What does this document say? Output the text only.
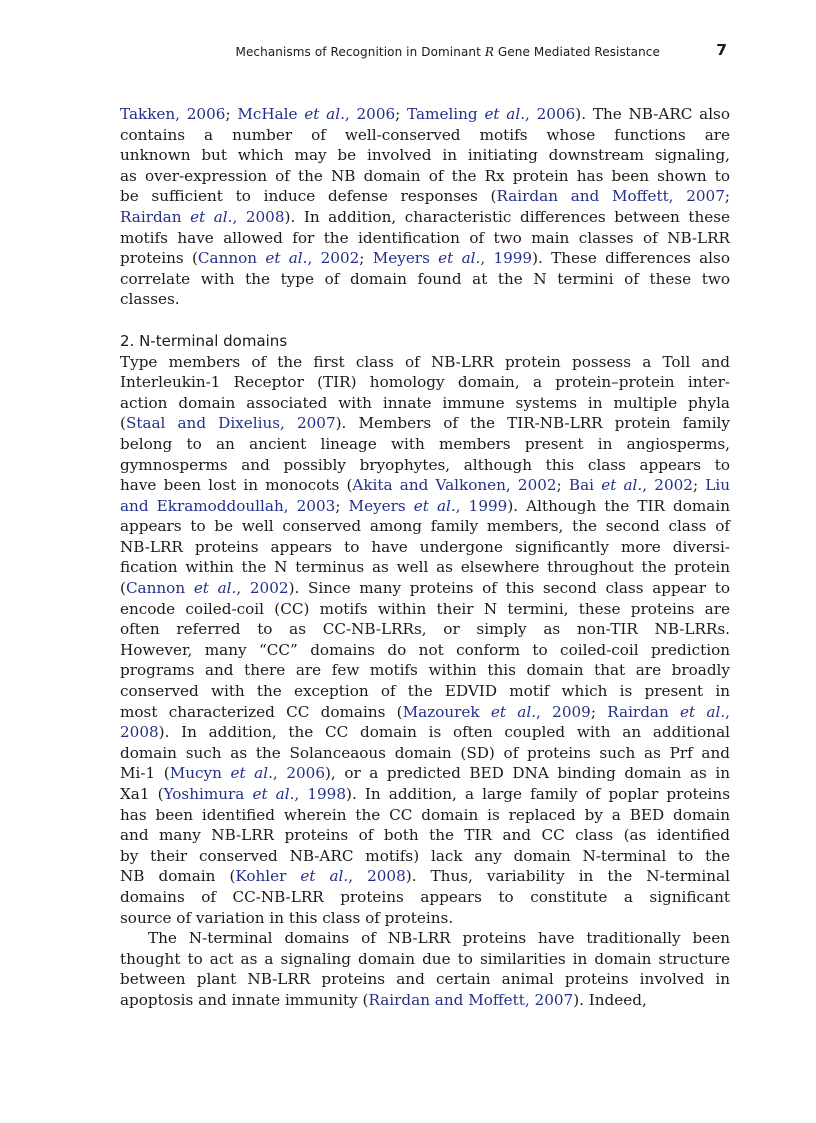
Mechanisms of Recognition in Dominant R Gene Mediated Resistance	7
Takken, 2006; McHale et al., 2006; Tameling et al., 2006). The NB-ARC also
contains a number of well-conserved motifs whose functions are
unknown but which may be involved in initiating downstream signaling,
as over-expression of the NB domain of the Rx protein has been shown to
be sufficient to induce defense responses (Rairdan and Moffett, 2007;
Rairdan et al., 2008). In addition, characteristic differences between these
motifs have allowed for the identification of two main classes of NB-LRR
proteins (Cannon et al., 2002; Meyers et al., 1999). These differences also
correlate with the type of domain found at the N termini of these two
classes.
2. N-terminal domains
Type members of the first class of NB-LRR protein possess a Toll and
Interleukin-1 Receptor (TIR) homology domain, a protein–protein inter-
action domain associated with innate immune systems in multiple phyla
(Staal and Dixelius, 2007). Members of the TIR-NB-LRR protein family
belong to an ancient lineage with members present in angiosperms,
gymnosperms and possibly bryophytes, although this class appears to
have been lost in monocots (Akita and Valkonen, 2002; Bai et al., 2002; Liu
and Ekramoddoullah, 2003; Meyers et al., 1999). Although the TIR domain
appears to be well conserved among family members, the second class of
NB-LRR proteins appears to have undergone significantly more diversi-
fication within the N terminus as well as elsewhere throughout the protein
(Cannon et al., 2002). Since many proteins of this second class appear to
encode coiled-coil (CC) motifs within their N termini, these proteins are
often referred to as CC-NB-LRRs, or simply as non-TIR NB-LRRs.
However, many “CC” domains do not conform to coiled-coil prediction
programs and there are few motifs within this domain that are broadly
conserved with the exception of the EDVID motif which is present in
most characterized CC domains (Mazourek et al., 2009; Rairdan et al.,
2008). In addition, the CC domain is often coupled with an additional
domain such as the Solanceaous domain (SD) of proteins such as Prf and
Mi-1 (Mucyn et al., 2006), or a predicted BED DNA binding domain as in
Xa1 (Yoshimura et al., 1998). In addition, a large family of poplar proteins
has been identified wherein the CC domain is replaced by a BED domain
and many NB-LRR proteins of both the TIR and CC class (as identified
by their conserved NB-ARC motifs) lack any domain N-terminal to the
NB domain (Kohler et al., 2008). Thus, variability in the N-terminal
domains of CC-NB-LRR proteins appears to constitute a significant
source of variation in this class of proteins.
The N-terminal domains of NB-LRR proteins have traditionally been
thought to act as a signaling domain due to similarities in domain structure
between plant NB-LRR proteins and certain animal proteins involved in
apoptosis and innate immunity (Rairdan and Moffett, 2007). Indeed,
